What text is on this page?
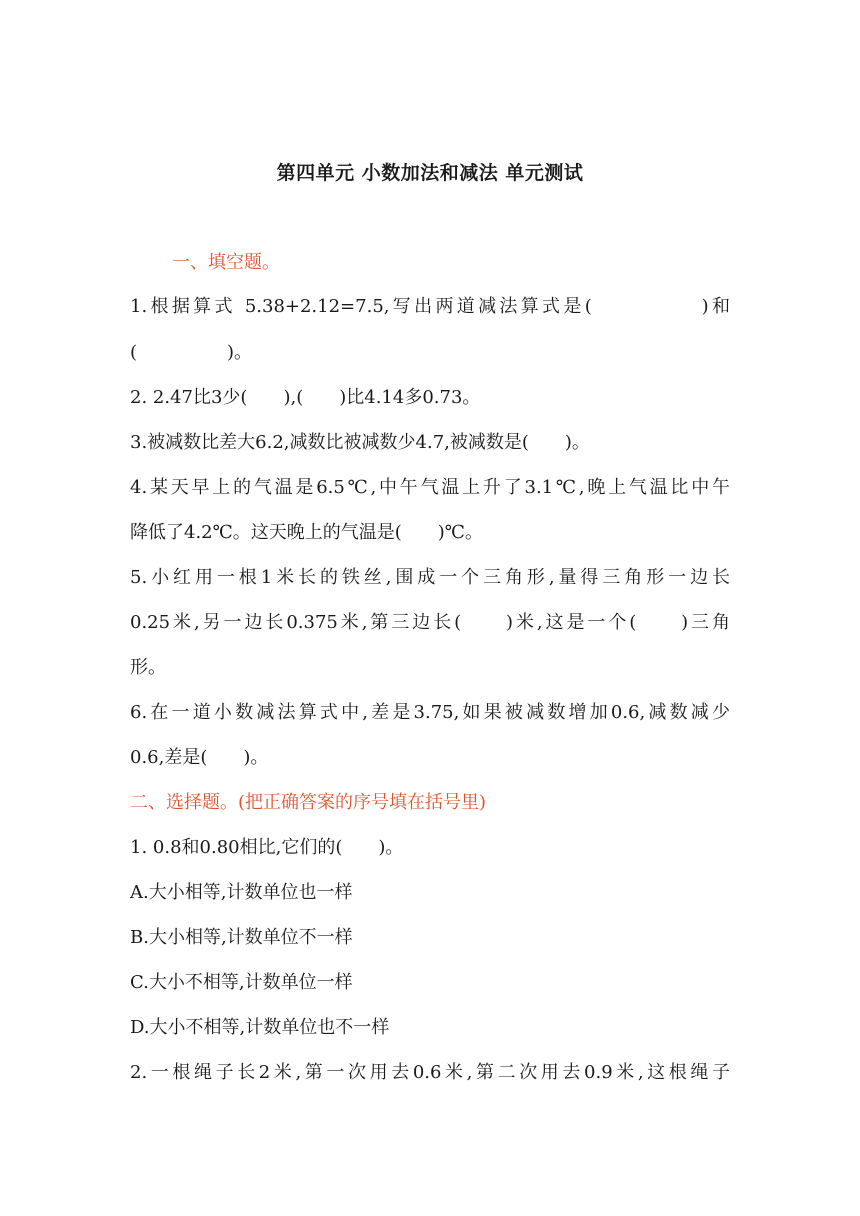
第四单元 小数加法和减法 单元测试
一、填空题。
1.根据算式 5.38+2.12=7.5,写出两道减法算式是(　　　　　)和
(　　　　　)。
2. 2.47比3少(　　),(　　)比4.14多0.73。
3.被减数比差大6.2,减数比被减数少4.7,被减数是(　　)。
4.某天早上的气温是6.5℃,中午气温上升了3.1℃,晚上气温比中午
降低了4.2℃。这天晚上的气温是(　　)℃。
5.小红用一根1米长的铁丝,围成一个三角形,量得三角形一边长
0.25米,另一边长0.375米,第三边长(　　)米,这是一个(　　)三角
形。
6.在一道小数减法算式中,差是3.75,如果被减数增加0.6,减数减少
0.6,差是(　　)。
二、选择题。(把正确答案的序号填在括号里)
1. 0.8和0.80相比,它们的(　　)。
A.大小相等,计数单位也一样
B.大小相等,计数单位不一样
C.大小不相等,计数单位一样
D.大小不相等,计数单位也不一样
2.一根绳子长2米,第一次用去0.6米,第二次用去0.9米,这根绳子
